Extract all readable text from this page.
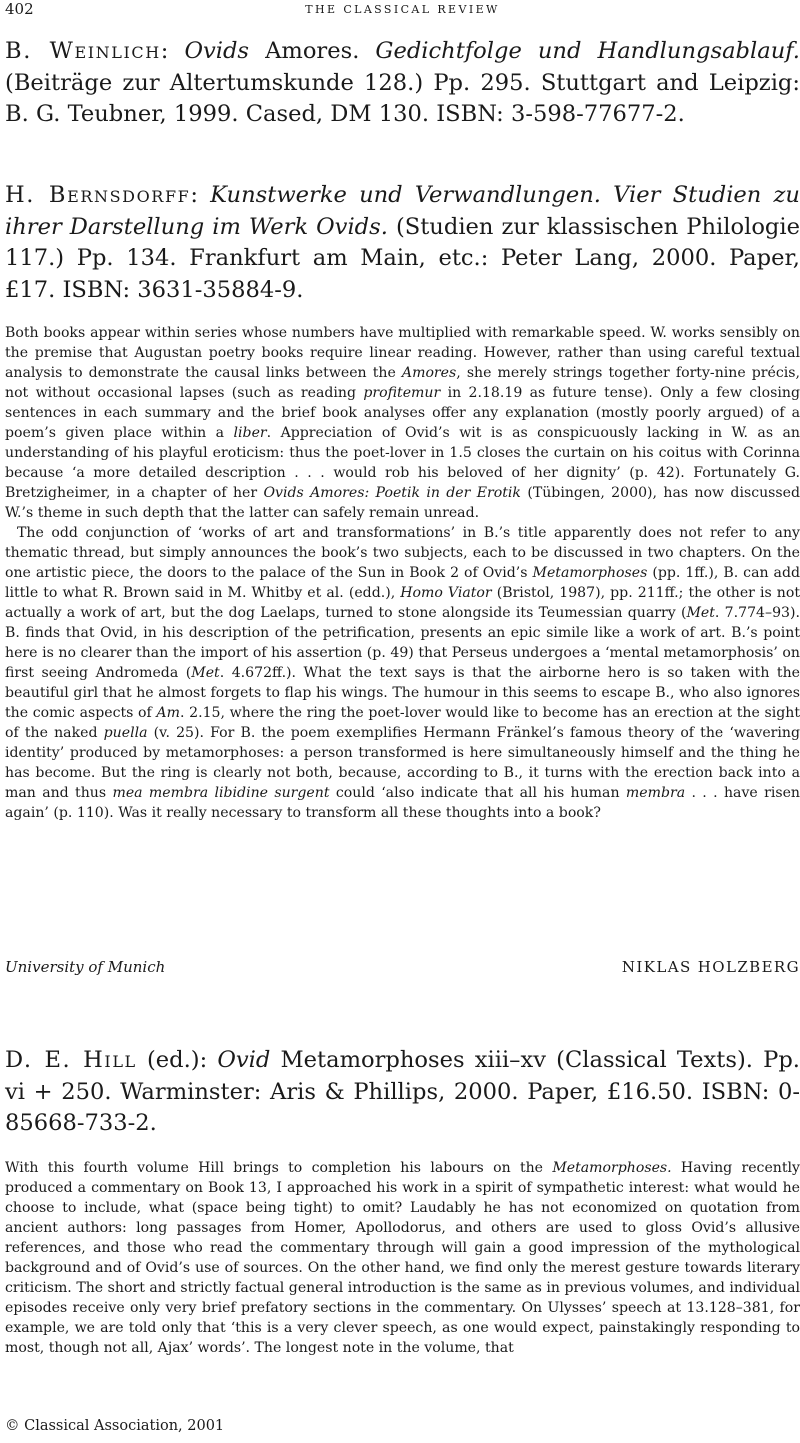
402	THE CLASSICAL REVIEW
B. Weinlich: Ovids Amores. Gedichtfolge und Handlungsablauf. (Beiträge zur Altertumskunde 128.) Pp. 295. Stuttgart and Leipzig: B. G. Teubner, 1999. Cased, DM 130. ISBN: 3-598-77677-2.
H. Bernsdorff: Kunstwerke und Verwandlungen. Vier Studien zu ihrer Darstellung im Werk Ovids. (Studien zur klassischen Philologie 117.) Pp. 134. Frankfurt am Main, etc.: Peter Lang, 2000. Paper, £17. ISBN: 3631-35884-9.

Both books appear within series whose numbers have multiplied with remarkable speed. W. works sensibly on the premise that Augustan poetry books require linear reading. However, rather than using careful textual analysis to demonstrate the causal links between the Amores, she merely strings together forty-nine précis, not without occasional lapses (such as reading profitemur in 2.18.19 as future tense). Only a few closing sentences in each summary and the brief book analyses offer any explanation (mostly poorly argued) of a poem’s given place within a liber. Appreciation of Ovid’s wit is as conspicuously lacking in W. as an understanding of his playful eroticism: thus the poet-lover in 1.5 closes the curtain on his coitus with Corinna because ‘a more detailed description . . . would rob his beloved of her dignity’ (p. 42). Fortunately G. Bretzigheimer, in a chapter of her Ovids Amores: Poetik in der Erotik (Tübingen, 2000), has now discussed W.’s theme in such depth that the latter can safely remain unread.

The odd conjunction of ‘works of art and transformations’ in B.’s title apparently does not refer to any thematic thread, but simply announces the book’s two subjects, each to be discussed in two chapters. On the one artistic piece, the doors to the palace of the Sun in Book 2 of Ovid’s Metamorphoses (pp. 1ff.), B. can add little to what R. Brown said in M. Whitby et al. (edd.), Homo Viator (Bristol, 1987), pp. 211ff.; the other is not actually a work of art, but the dog Laelaps, turned to stone alongside its Teumessian quarry (Met. 7.774–93). B. finds that Ovid, in his description of the petrification, presents an epic simile like a work of art. B.’s point here is no clearer than the import of his assertion (p. 49) that Perseus undergoes a ‘mental metamorphosis’ on first seeing Andromeda (Met. 4.672ff.). What the text says is that the airborne hero is so taken with the beautiful girl that he almost forgets to flap his wings. The humour in this seems to escape B., who also ignores the comic aspects of Am. 2.15, where the ring the poet-lover would like to become has an erection at the sight of the naked puella (v. 25). For B. the poem exemplifies Hermann Fränkel’s famous theory of the ‘wavering identity’ produced by metamorphoses: a person transformed is here simultaneously himself and the thing he has become. But the ring is clearly not both, because, according to B., it turns with the erection back into a man and thus mea membra libidine surgent could ‘also indicate that all his human membra . . . have risen again’ (p. 110). Was it really necessary to transform all these thoughts into a book?

University of Munich	NIKLAS HOLZBERG
D. E. Hill (ed.): Ovid Metamorphoses xiii–xv (Classical Texts). Pp. vi + 250. Warminster: Aris & Phillips, 2000. Paper, £16.50. ISBN: 0-85668-733-2.

With this fourth volume Hill brings to completion his labours on the Metamorphoses. Having recently produced a commentary on Book 13, I approached his work in a spirit of sympathetic interest: what would he choose to include, what (space being tight) to omit? Laudably he has not economized on quotation from ancient authors: long passages from Homer, Apollodorus, and others are used to gloss Ovid’s allusive references, and those who read the commentary through will gain a good impression of the mythological background and of Ovid’s use of sources. On the other hand, we find only the merest gesture towards literary criticism. The short and strictly factual general introduction is the same as in previous volumes, and individual episodes receive only very brief prefatory sections in the commentary. On Ulysses’ speech at 13.128–381, for example, we are told only that ‘this is a very clever speech, as one would expect, painstakingly responding to most, though not all, Ajax’ words’. The longest note in the volume, that

© Classical Association, 2001
